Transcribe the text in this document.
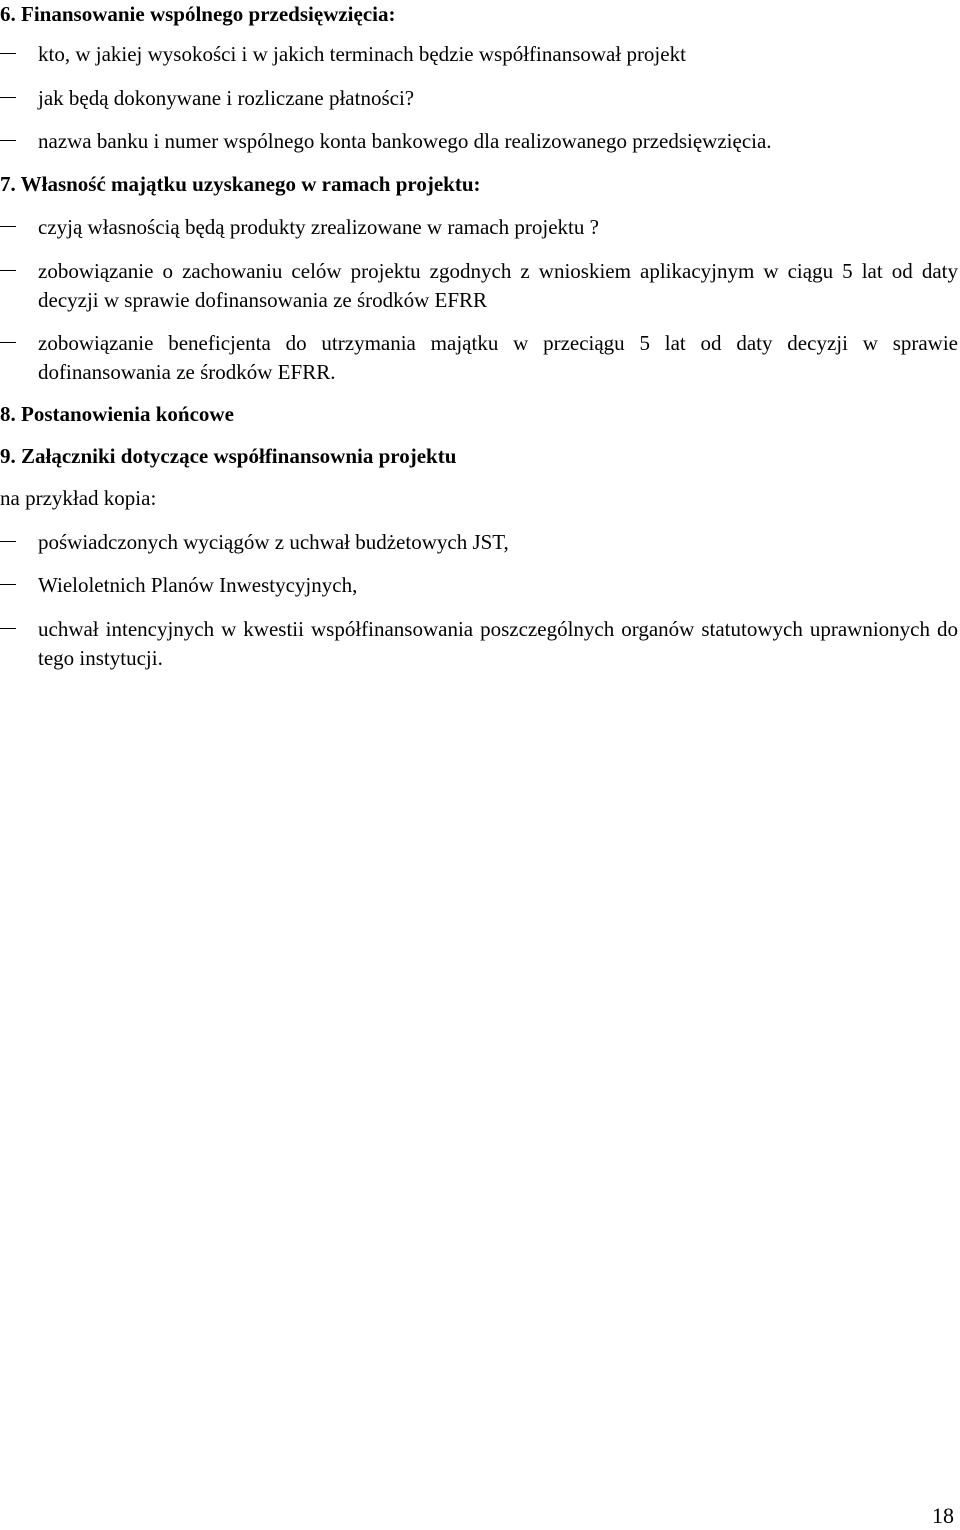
6. Finansowanie wspólnego przedsięwzięcia:
kto, w jakiej wysokości i w jakich terminach będzie współfinansował projekt
jak będą dokonywane i rozliczane płatności?
nazwa banku i numer wspólnego konta bankowego dla realizowanego przedsięwzięcia.
7. Własność majątku uzyskanego w ramach projektu:
czyją własnością będą produkty zrealizowane w ramach projektu ?
zobowiązanie o zachowaniu celów projektu zgodnych z wnioskiem aplikacyjnym w ciągu 5 lat od daty decyzji w sprawie dofinansowania ze środków EFRR
zobowiązanie beneficjenta do utrzymania majątku w przeciągu 5 lat od daty decyzji w sprawie dofinansowania ze środków EFRR.
8. Postanowienia końcowe
9. Załączniki dotyczące współfinansownia projektu
na przykład kopia:
poświadczonych wyciągów z uchwał budżetowych JST,
Wieloletnich Planów Inwestycyjnych,
uchwał intencyjnych w kwestii współfinansowania poszczególnych organów statutowych uprawnionych do tego instytucji.
18
